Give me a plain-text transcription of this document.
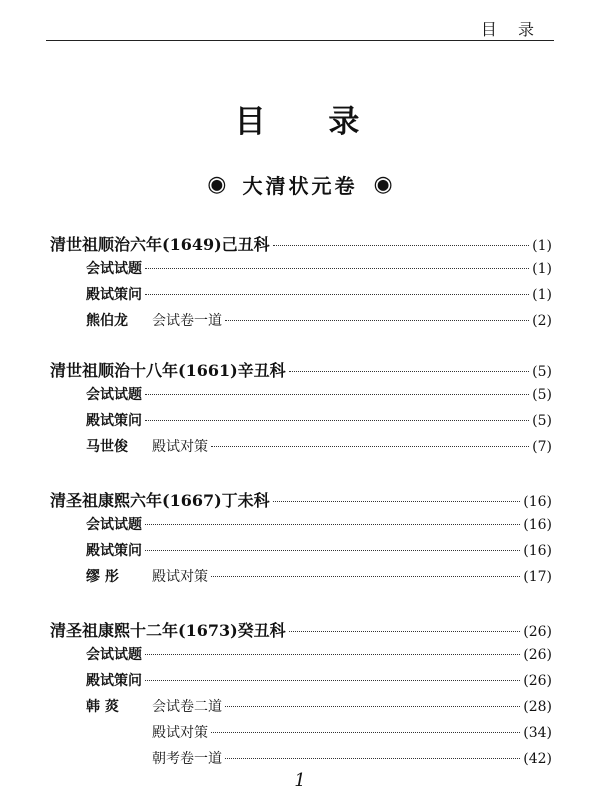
目 录
目 录
◉ 大清状元卷 ◉
清世祖顺治六年(1649)己丑科	( 1 )
会试试题	( 1 )
殿试策问	( 1 )
熊伯龙 会试卷一道	( 2 )
清世祖顺治十八年(1661)辛丑科	( 5 )
会试试题	( 5 )
殿试策问	( 5 )
马世俊 殿试对策	( 7 )
清圣祖康熙六年(1667)丁未科	( 16 )
会试试题	( 16 )
殿试策问	( 16 )
缪 彤 殿试对策	( 17 )
清圣祖康熙十二年(1673)癸丑科	( 26 )
会试试题	( 26 )
殿试策问	( 26 )
韩 菼 会试卷二道	( 28 )
殿试对策	( 34 )
朝考卷一道	( 42 )
1
